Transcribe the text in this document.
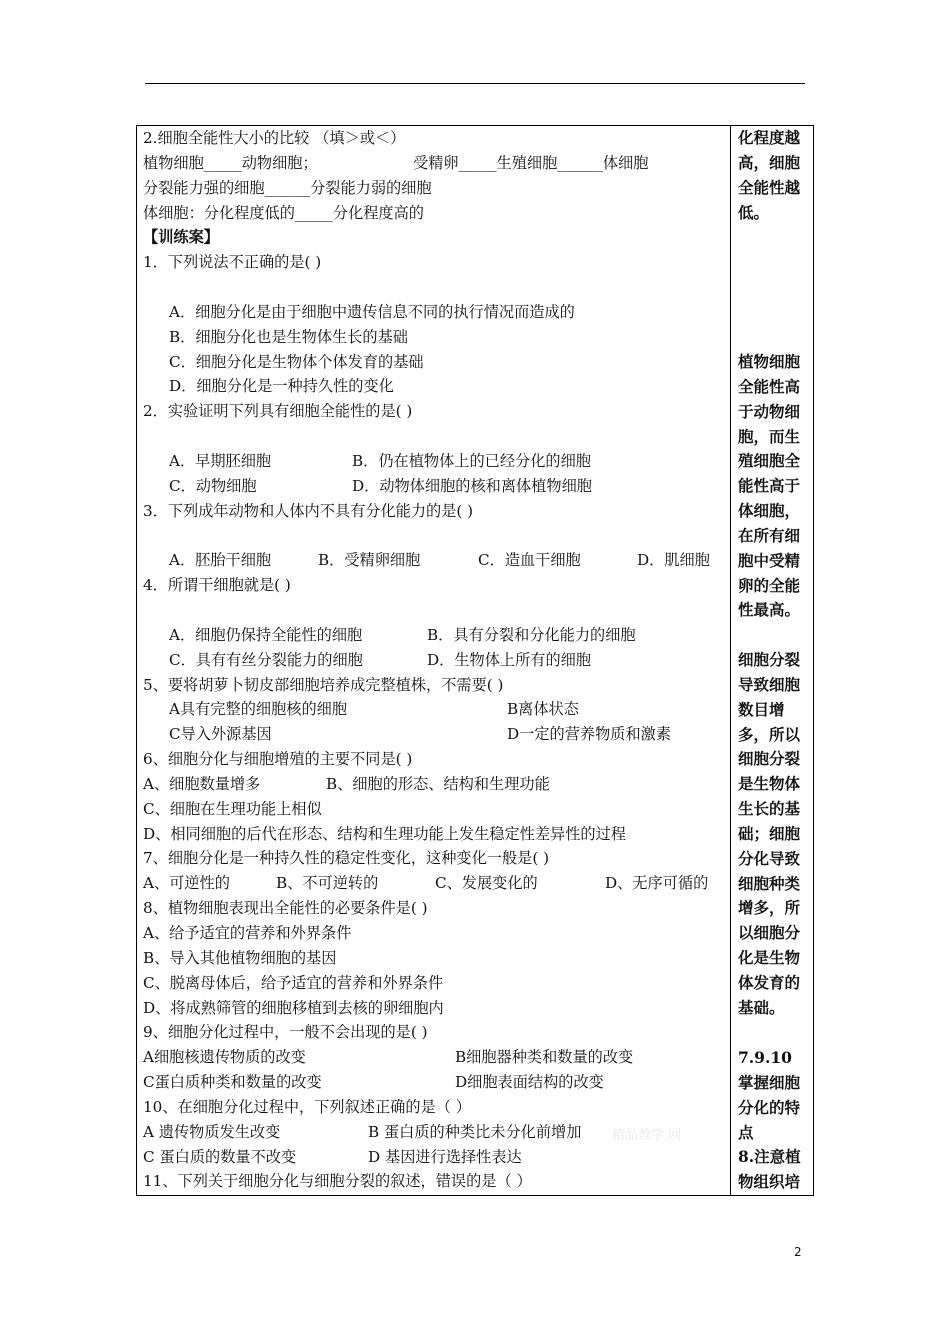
2.细胞全能性大小的比较 （填＞或＜）
植物细胞_____动物细胞；	受精卵_____生殖细胞______体细胞
分裂能力强的细胞______分裂能力弱的细胞
体细胞：分化程度低的_____分化程度高的
【训练案】
1．下列说法不正确的是( )
A．细胞分化是由于细胞中遗传信息不同的执行情况而造成的
B．细胞分化也是生物体生长的基础
C．细胞分化是生物体个体发育的基础
D．细胞分化是一种持久性的变化
2．实验证明下列具有细胞全能性的是( )
A．早期胚细胞	B．仍在植物体上的已经分化的细胞
C．动物细胞	D．动物体细胞的核和离体植物细胞
3．下列成年动物和人体内不具有分化能力的是( )
A．胚胎干细胞	B．受精卵细胞	C．造血干细胞	D．肌细胞
4．所谓干细胞就是( )
A．细胞仍保持全能性的细胞	B．具有分裂和分化能力的细胞
C．具有有丝分裂能力的细胞	D．生物体上所有的细胞
5、要将胡萝卜韧皮部细胞培养成完整植株，不需要( )
A具有完整的细胞核的细胞	B离体状态
C导入外源基因	D一定的营养物质和激素
6、细胞分化与细胞增殖的主要不同是( )
A、细胞数量增多	B、细胞的形态、结构和生理功能
C、细胞在生理功能上相似
D、相同细胞的后代在形态、结构和生理功能上发生稳定性差异性的过程
7、细胞分化是一种持久性的稳定性变化，这种变化一般是( )
A、可逆性的	B、不可逆转的	C、发展变化的	D、无序可循的
8、植物细胞表现出全能性的必要条件是( )
A、给予适宜的营养和外界条件
B、导入其他植物细胞的基因
C、脱离母体后，给予适宜的营养和外界条件
D、将成熟筛管的细胞移植到去核的卵细胞内
9、细胞分化过程中，一般不会出现的是( )
A细胞核遗传物质的改变	B细胞器种类和数量的改变
C蛋白质种类和数量的改变	D细胞表面结构的改变
10、在细胞分化过程中，下列叙述正确的是（ ）
A 遗传物质发生改变	B 蛋白质的种类比未分化前增加
C 蛋白质的数量不改变	D 基因进行选择性表达
11、下列关于细胞分化与细胞分裂的叙述，错误的是（ ）
化程度越
高，细胞
全能性越
低。
植物细胞
全能性高
于动物细
胞，而生
殖细胞全
能性高于
体细胞，
在所有细
胞中受精
卵的全能
性最高。
细胞分裂
导致细胞
数目增
多，所以
细胞分裂
是生物体
生长的基
础；细胞
分化导致
细胞种类
增多，所
以细胞分
化是生物
体发育的
基础。
7.9.10
掌握细胞
分化的特
点
8.注意植
物组织培
精品教学 网
2
